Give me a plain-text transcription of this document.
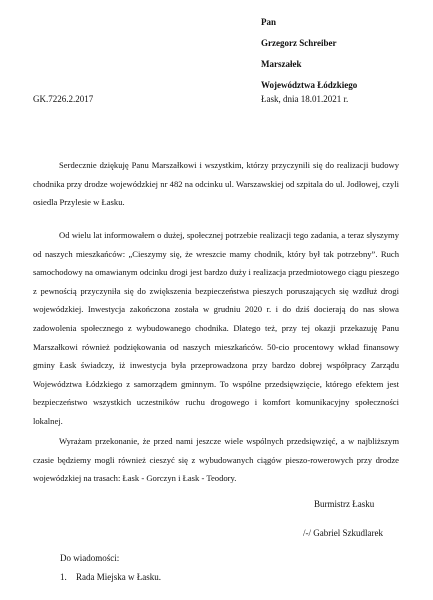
Pan
Grzegorz Schreiber
Marszałek
Województwa Łódzkiego
GK.7226.2.2017	Łask, dnia 18.01.2021 r.

Serdecznie dziękuję Panu Marszałkowi i wszystkim, którzy przyczynili się do realizacji budowy chodnika przy drodze wojewódzkiej nr 482 na odcinku ul. Warszawskiej od szpitala do ul. Jodłowej, czyli osiedla Przylesie w Łasku.

Od wielu lat informowałem o dużej, społecznej potrzebie realizacji tego zadania, a teraz słyszymy od naszych mieszkańców: „Cieszymy się, że wreszcie mamy chodnik, który był tak potrzebny”. Ruch samochodowy na omawianym odcinku drogi jest bardzo duży i realizacja przedmiotowego ciągu pieszego z pewnością przyczyniła się do zwiększenia bezpieczeństwa pieszych poruszających się wzdłuż drogi wojewódzkiej. Inwestycja zakończona została w grudniu 2020 r. i do dziś docierają do nas słowa zadowolenia społecznego z wybudowanego chodnika. Dlatego też, przy tej okazji przekazuję Panu Marszałkowi również podziękowania od naszych mieszkańców. 50-cio procentowy wkład finansowy gminy Łask świadczy, iż inwestycja była przeprowadzona przy bardzo dobrej współpracy Zarządu Województwa Łódzkiego z samorządem gminnym. To wspólne przedsięwzięcie, którego efektem jest bezpieczeństwo wszystkich uczestników ruchu drogowego i komfort komunikacyjny społeczności lokalnej.

Wyrażam przekonanie, że przed nami jeszcze wiele wspólnych przedsięwzięć, a w najbliższym czasie będziemy mogli również cieszyć się z wybudowanych ciągów pieszo-rowerowych przy drodze wojewódzkiej na trasach: Łask - Gorczyn i Łask - Teodory.

Burmistrz Łasku
/-/ Gabriel Szkudlarek
Do wiadomości:
1. Rada Miejska w Łasku.
